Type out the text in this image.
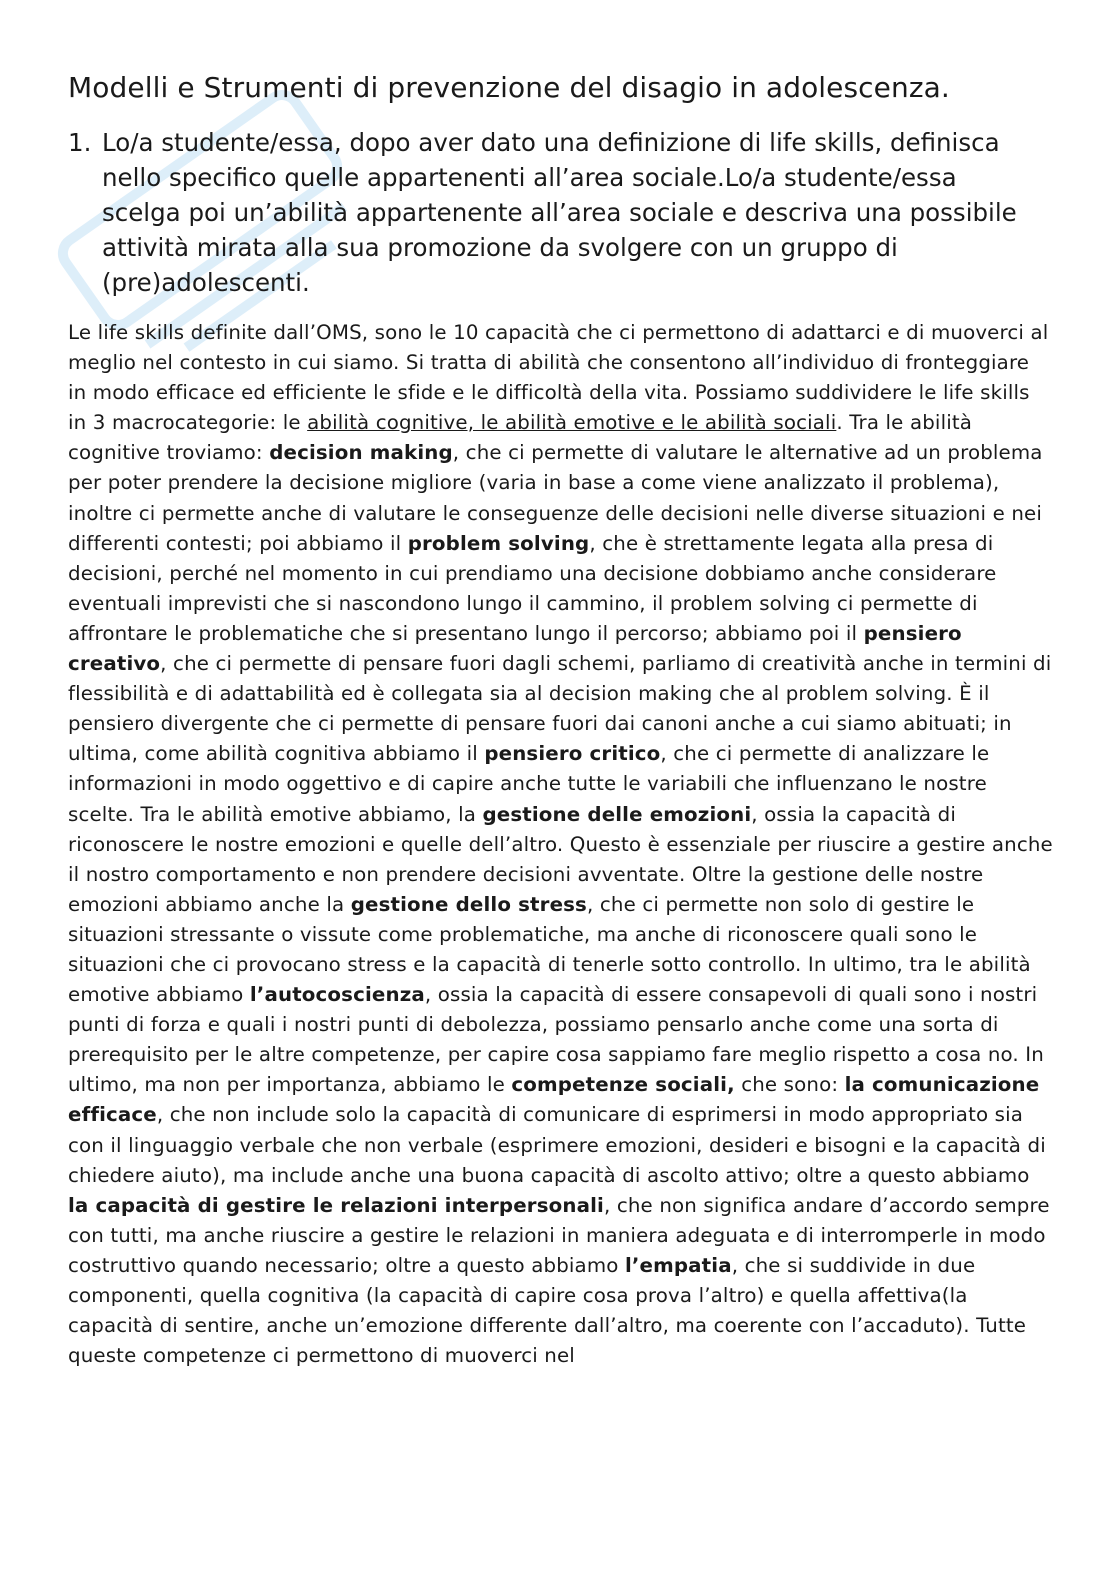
Modelli e Strumenti di prevenzione del disagio in adolescenza.
1. Lo/a studente/essa, dopo aver dato una definizione di life skills, definisca nello specifico quelle appartenenti all’area sociale.Lo/a studente/essa scelga poi un’abilità appartenente all’area sociale e descriva una possibile attività mirata alla sua promozione da svolgere con un gruppo di (pre)adolescenti.

Le life skills definite dall’OMS, sono le 10 capacità che ci permettono di adattarci e di muoverci al meglio nel contesto in cui siamo. Si tratta di abilità che consentono all’individuo di fronteggiare in modo efficace ed efficiente le sfide e le difficoltà della vita. Possiamo suddividere le life skills in 3 macrocategorie: le abilità cognitive, le abilità emotive e le abilità sociali. Tra le abilità cognitive troviamo: decision making, che ci permette di valutare le alternative ad un problema per poter prendere la decisione migliore (varia in base a come viene analizzato il problema), inoltre ci permette anche di valutare le conseguenze delle decisioni nelle diverse situazioni e nei differenti contesti; poi abbiamo il problem solving, che è strettamente legata alla presa di decisioni, perché nel momento in cui prendiamo una decisione dobbiamo anche considerare eventuali imprevisti che si nascondono lungo il cammino, il problem solving ci permette di affrontare le problematiche che si presentano lungo il percorso; abbiamo poi il pensiero creativo, che ci permette di pensare fuori dagli schemi, parliamo di creatività anche in termini di flessibilità e di adattabilità ed è collegata sia al decision making che al problem solving. È il pensiero divergente che ci permette di pensare fuori dai canoni anche a cui siamo abituati; in ultima, come abilità cognitiva abbiamo il pensiero critico, che ci permette di analizzare le informazioni in modo oggettivo e di capire anche tutte le variabili che influenzano le nostre scelte. Tra le abilità emotive abbiamo, la gestione delle emozioni, ossia la capacità di riconoscere le nostre emozioni e quelle dell’altro. Questo è essenziale per riuscire a gestire anche il nostro comportamento e non prendere decisioni avventate. Oltre la gestione delle nostre emozioni abbiamo anche la gestione dello stress, che ci permette non solo di gestire le situazioni stressante o vissute come problematiche, ma anche di riconoscere quali sono le situazioni che ci provocano stress e la capacità di tenerle sotto controllo. In ultimo, tra le abilità emotive abbiamo l’autocoscienza, ossia la capacità di essere consapevoli di quali sono i nostri punti di forza e quali i nostri punti di debolezza, possiamo pensarlo anche come una sorta di prerequisito per le altre competenze, per capire cosa sappiamo fare meglio rispetto a cosa no. In ultimo, ma non per importanza, abbiamo le competenze sociali, che sono: la comunicazione efficace, che non include solo la capacità di comunicare di esprimersi in modo appropriato sia con il linguaggio verbale che non verbale (esprimere emozioni, desideri e bisogni e la capacità di chiedere aiuto), ma include anche una buona capacità di ascolto attivo; oltre a questo abbiamo la capacità di gestire le relazioni interpersonali, che non significa andare d’accordo sempre con tutti, ma anche riuscire a gestire le relazioni in maniera adeguata e di interromperle in modo costruttivo quando necessario; oltre a questo abbiamo l’empatia, che si suddivide in due componenti, quella cognitiva (la capacità di capire cosa prova l’altro) e quella affettiva(la capacità di sentire, anche un’emozione differente dall’altro, ma coerente con l’accaduto). Tutte queste competenze ci permettono di muoverci nel
